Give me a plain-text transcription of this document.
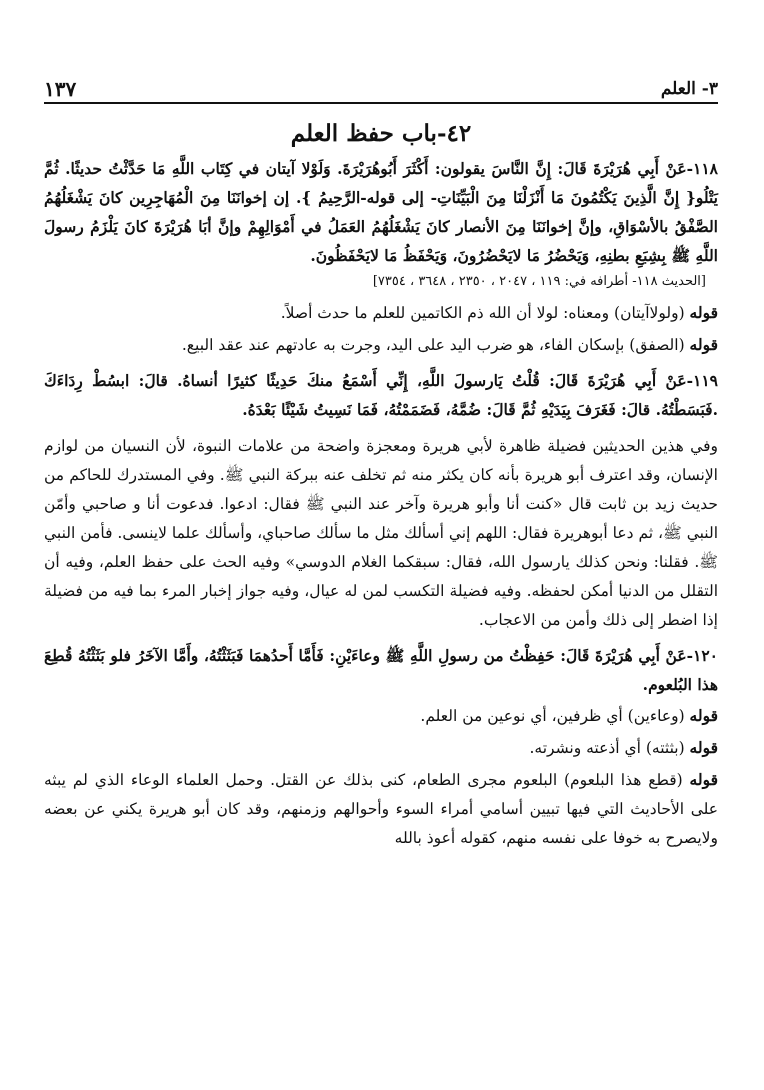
٣- العلم
١٣٧
٤٢-باب حفظ العلم

١١٨-عَنْ أَبِي هُرَيْرَةَ قَالَ: إِنَّ النَّاسَ يقولون: أَكْثَرَ أَبُوهُرَيْرَةَ. وَلَوْلا آيتان في كِتَاب اللَّهِ مَا حَدَّثْتُ حديثًا. ثُمَّ يَتْلُو{ إِنَّ الَّذِينَ يَكْتُمُونَ مَا أَنْزَلْنَا مِنَ الْبَيِّنَاتِ- إلى قوله-الرَّحِيمُ }. إن إخوانَنَا مِنَ الْمُهَاجِرِين كانَ يَشْغَلُهُمُ الصَّفْقُ بالأسْوَاقِ، وإنَّ إخوانَنَا مِنَ الأنصار كانَ يَشْغَلُهُمُ العَمَلُ في أَمْوَالِهِمْ وإنَّ أبَا هُرَيْرَةَ كانَ يَلْزَمُ رسولَ اللَّهِ ﷺ بِشِبَعِ بطنِهِ، وَيَحْضُرُ مَا لايَحْضُرُونَ، وَيَحْفَظُ مَا لايَحْفَظُونَ.

[الحديث ١١٨- أطرافه في: ١١٩ ، ٢٠٤٧ ، ٢٣٥٠ ، ٣٦٤٨ ، ٧٣٥٤]

قوله (ولولاآيتان) ومعناه: لولا أن الله ذم الكاتمين للعلم ما حدث أصلاً.

قوله (الصفق) بإسكان الفاء، هو ضرب اليد على اليد، وجرت به عادتهم عند عقد البيع.

١١٩-عَنْ أَبِي هُرَيْرَةَ قَالَ: قُلْتُ يَارسولَ اللَّهِ، إِنِّي أَسْمَعُ منكَ حَدِيثًا كثيرًا أنساهُ. قالَ: ابسُطْ رِدَاءَكَ .فَبَسَطْتُهُ. قالَ: فَغَرَفَ بِيَدَيْهِ ثُمَّ قَالَ: ضُمَّهُ، فَضَمَمْتُهُ، فَمَا نَسِيتُ شَيْئًا بَعْدَهُ.

وفي هذين الحديثين فضيلة ظاهرة لأبي هريرة ومعجزة واضحة من علامات النبوة، لأن النسيان من لوازم الإنسان، وقد اعترف أبو هريرة بأنه كان يكثر منه ثم تخلف عنه ببركة النبي ﷺ. وفي المستدرك للحاكم من حديث زيد بن ثابت قال «كنت أنا وأبو هريرة وآخر عند النبي ﷺ فقال: ادعوا. فدعوت أنا و صاحبي وأمّن النبي ﷺ، ثم دعا أبوهريرة فقال: اللهم إني أسألك مثل ما سألك صاحباي، وأسألك علما لاينسى. فأمن النبي ﷺ. فقلنا: ونحن كذلك يارسول الله، فقال: سبقكما الغلام الدوسي» وفيه الحث على حفظ العلم، وفيه أن التقلل من الدنيا أمكن لحفظه. وفيه فضيلة التكسب لمن له عيال، وفيه جواز إخبار المرء بما فيه من فضيلة إذا اضطر إلى ذلك وأمن من الاعجاب.

١٢٠-عَنْ أَبِي هُرَيْرَةَ قَالَ: حَفِظْتُ من رسولِ اللَّهِ ﷺ وعاءَيْنِ: فَأَمَّا أَحدُهمَا فَبَثَثْتُهُ، وأَمَّا الآخَرُ فلو بَثَثْتُهُ قُطِعَ هذا البُلعوم.

قوله (وعاءين) أي ظرفين، أي نوعين من العلم.

قوله (بثثته) أي أذعته ونشرته.

قوله (قطع هذا البلعوم) البلعوم مجرى الطعام، كنى بذلك عن القتل. وحمل العلماء الوعاء الذي لم يبثه على الأحاديث التي فيها تبيين أسامي أمراء السوء وأحوالهم وزمنهم، وقد كان أبو هريرة يكني عن بعضه ولايصرح به خوفا على نفسه منهم، كقوله أعوذ بالله
